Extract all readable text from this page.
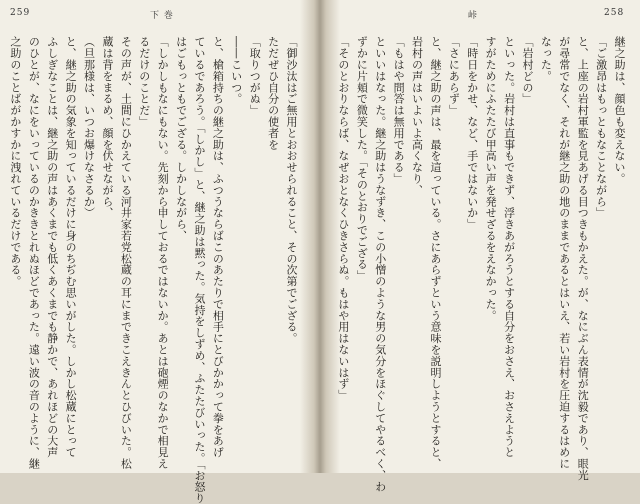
259	下 巻	峠	258
「御沙汰はご無用とおおせられること、その次第でござる。
ただぜひ自分の使者を
「取りつがぬ」
――こいつ。
と、槍箱持ちの継之助は、ふつうならばこのあたりで相手にとびかかって拳をあげ
ているであろう。「しかし」と、継之助は黙った。気持をしずめ、ふたたびいった。「お怒り
はごもっともでござる。しかしながら、
「しかしもなにもない。先刻から申しておるではないか。あとは砲煙のなかで相見え
るだけのことだ」
その声が、土間にひかえている河井家若党松蔵の耳にまできこえきんとひびいた。松
蔵は背をまるめ、顔を伏せながら、
（旦那様は、いつお爆けなさるか）
と、継之助の気象を知っているだけに身のちぢむ思いがした。しかし松蔵にとって
ふしぎなことは、継之助の声はあくまでも低くあくまでも静かで、あれほどの大声
のひとが、なにをいっているのかききとれぬほどであった。遠い波の音のように、継
之助のことばがかすかに洩れているだけである。	継之助は、顔色も変えない。
「ご激昂はもっともなことながら」
と、上座の岩村軍監を見あげる目つきもかえた。が、なにぶん表情が沈毅であり、眼光
が尋常でなく、それが継之助の地のままであるとはいえ、若い岩村を圧迫するはめに
なった。
「岩村どの」
といった。岩村は直事もできず、浮きあがろうとする自分をおさえ、おさえようと
すがためにふたたび甲高い声を発せざるをえなかった。
「時日をかせ、など、手ではないか」
「さにあらず」
と、継之助の声は、最を這っている。さにあらずという意味を説明しようとすると、
岩村の声はいよいよ高くなり、
「もはや問答は無用である」
といいはなった。継之助はうなずき、この小憎のような男の気分をほぐしてやるべく、わ
ずかに片頬で微笑した。「そのとおりでござる」
「そのとおりならば、なぜおとなくひきさらぬ。もはや用はないはず」
